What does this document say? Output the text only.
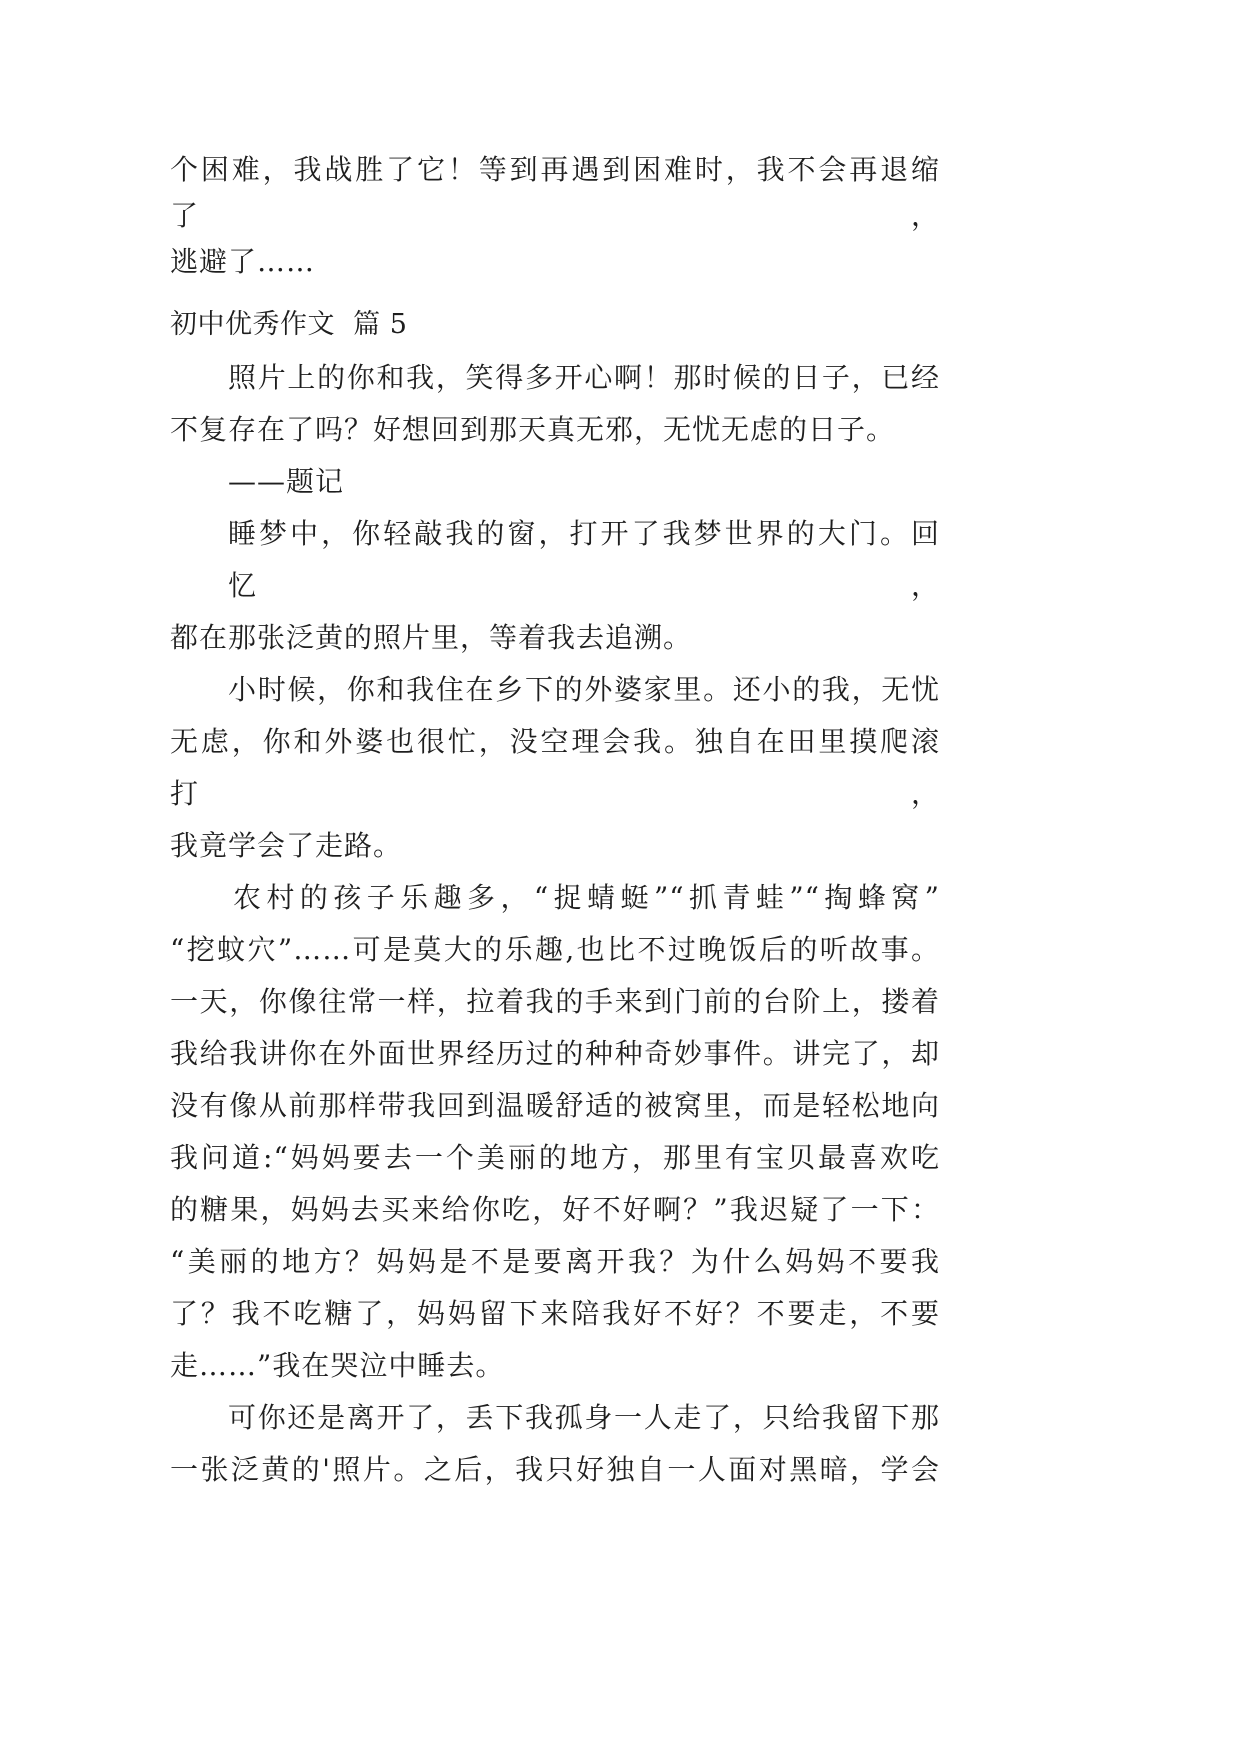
个困难，我战胜了它！等到再遇到困难时，我不会再退缩了，
逃避了……
初中优秀作文  篇 5
照片上的你和我，笑得多开心啊！那时候的日子，已经
不复存在了吗？好想回到那天真无邪，无忧无虑的日子。
——题记
睡梦中，你轻敲我的窗，打开了我梦世界的大门。回忆，
都在那张泛黄的照片里，等着我去追溯。
小时候，你和我住在乡下的外婆家里。还小的我，无忧
无虑，你和外婆也很忙，没空理会我。独自在田里摸爬滚打，
我竟学会了走路。
农村的孩子乐趣多，“捉蜻蜓”“抓青蛙”“掏蜂窝”
“挖蚊穴”……可是莫大的乐趣,也比不过晚饭后的听故事。
一天，你像往常一样，拉着我的手来到门前的台阶上，搂着
我给我讲你在外面世界经历过的种种奇妙事件。讲完了，却
没有像从前那样带我回到温暖舒适的被窝里，而是轻松地向
我问道:“妈妈要去一个美丽的地方，那里有宝贝最喜欢吃
的糖果，妈妈去买来给你吃，好不好啊？”我迟疑了一下：
“美丽的地方？妈妈是不是要离开我？为什么妈妈不要我
了？我不吃糖了，妈妈留下来陪我好不好？不要走，不要
走……”我在哭泣中睡去。
可你还是离开了，丢下我孤身一人走了，只给我留下那
一张泛黄的'照片。之后，我只好独自一人面对黑暗，学会
